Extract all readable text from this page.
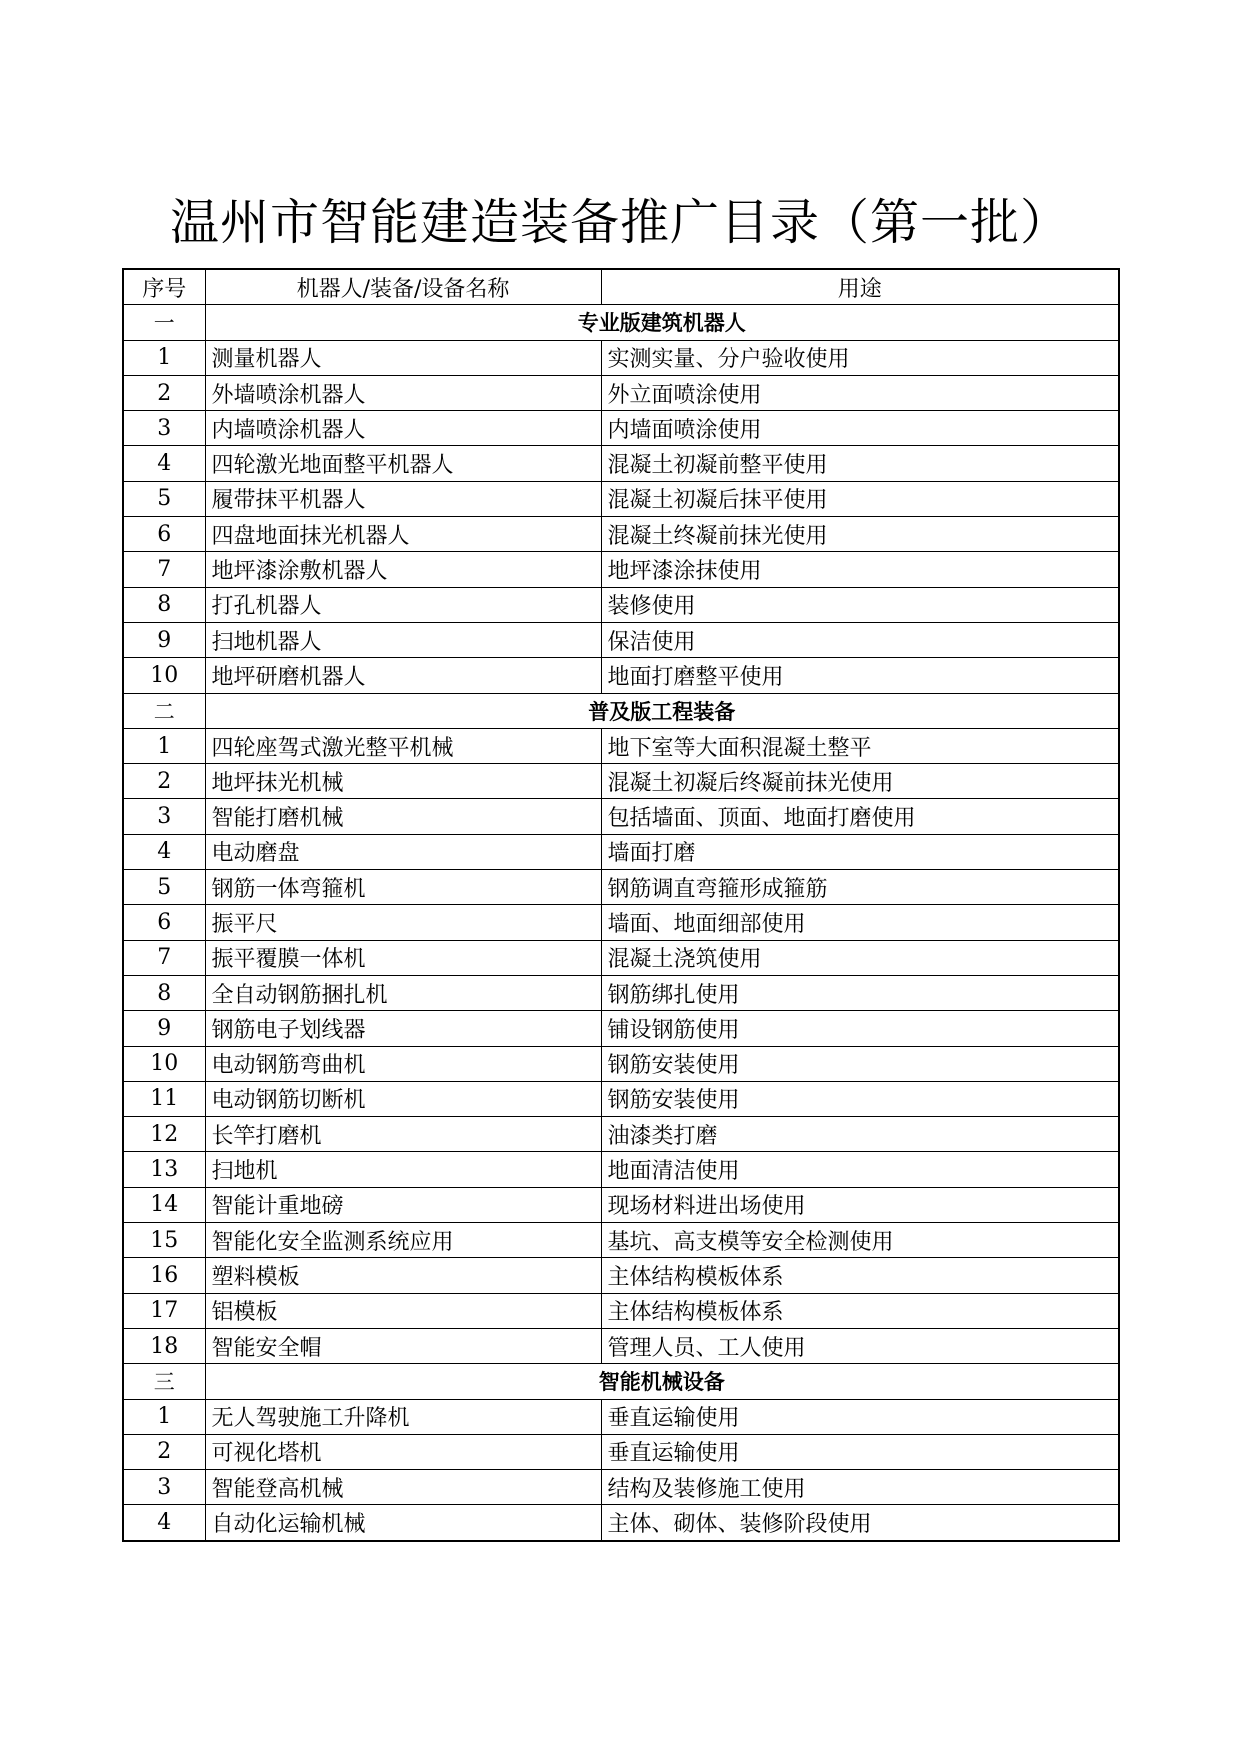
温州市智能建造装备推广目录（第一批）
序号	机器人/装备/设备名称	用途
一	专业版建筑机器人	
1	测量机器人	实测实量、分户验收使用
2	外墙喷涂机器人	外立面喷涂使用
3	内墙喷涂机器人	内墙面喷涂使用
4	四轮激光地面整平机器人	混凝土初凝前整平使用
5	履带抹平机器人	混凝土初凝后抹平使用
6	四盘地面抹光机器人	混凝土终凝前抹光使用
7	地坪漆涂敷机器人	地坪漆涂抹使用
8	打孔机器人	装修使用
9	扫地机器人	保洁使用
10	地坪研磨机器人	地面打磨整平使用
二	普及版工程装备	
1	四轮座驾式激光整平机械	地下室等大面积混凝土整平
2	地坪抹光机械	混凝土初凝后终凝前抹光使用
3	智能打磨机械	包括墙面、顶面、地面打磨使用
4	电动磨盘	墙面打磨
5	钢筋一体弯箍机	钢筋调直弯箍形成箍筋
6	振平尺	墙面、地面细部使用
7	振平覆膜一体机	混凝土浇筑使用
8	全自动钢筋捆扎机	钢筋绑扎使用
9	钢筋电子划线器	铺设钢筋使用
10	电动钢筋弯曲机	钢筋安装使用
11	电动钢筋切断机	钢筋安装使用
12	长竿打磨机	油漆类打磨
13	扫地机	地面清洁使用
14	智能计重地磅	现场材料进出场使用
15	智能化安全监测系统应用	基坑、高支模等安全检测使用
16	塑料模板	主体结构模板体系
17	铝模板	主体结构模板体系
18	智能安全帽	管理人员、工人使用
三	智能机械设备	
1	无人驾驶施工升降机	垂直运输使用
2	可视化塔机	垂直运输使用
3	智能登高机械	结构及装修施工使用
4	自动化运输机械	主体、砌体、装修阶段使用
